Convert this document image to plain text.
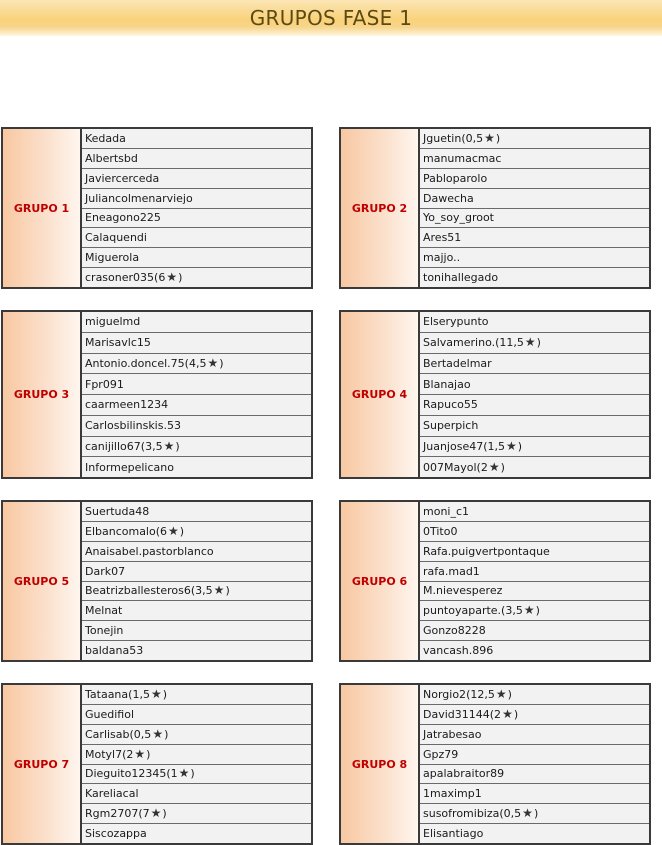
GRUPOS FASE 1
GRUPO 1
Kedada
Albertsbd
Javiercerceda
Juliancolmenarviejo
Eneagono225
Calaquendi
Miguerola
crasoner035 (6★)
GRUPO 2
Jguetin (0,5★)
manumacmac
Pabloparolo
Dawecha
Yo_soy_groot
Ares51
majjo..
tonihallegado
GRUPO 3
miguelmd
Marisavlc15
Antonio.doncel.75 (4,5★)
Fpr091
caarmeen1234
Carlosbilinskis.53
canijillo67 (3,5★)
Informepelicano
GRUPO 4
Elserypunto
Salvamerino. (11,5★)
Bertadelmar
Blanajao
Rapuco55
Superpich
Juanjose47 (1,5★)
007Mayol (2★)
GRUPO 5
Suertuda48
Elbancomalo (6★)
Anaisabel.pastorblanco
Dark07
Beatrizballesteros6 (3,5★)
Melnat
Tonejin
baldana53
GRUPO 6
moni_c1
0Tito0
Rafa.puigvertpontaque
rafa.mad1
M.nievesperez
puntoyaparte. (3,5★)
Gonzo8228
vancash.896
GRUPO 7
Tataana (1,5★)
Guedifiol
Carlisab (0,5★)
Motyl7 (2★)
Dieguito12345 (1★)
Kareliacal
Rgm2707 (7★)
Siscozappa
GRUPO 8
Norgio2 (12,5★)
David31144 (2★)
Jatrabesao
Gpz79
apalabraitor89
1maximp1
susofromibiza (0,5★)
Elisantiago
